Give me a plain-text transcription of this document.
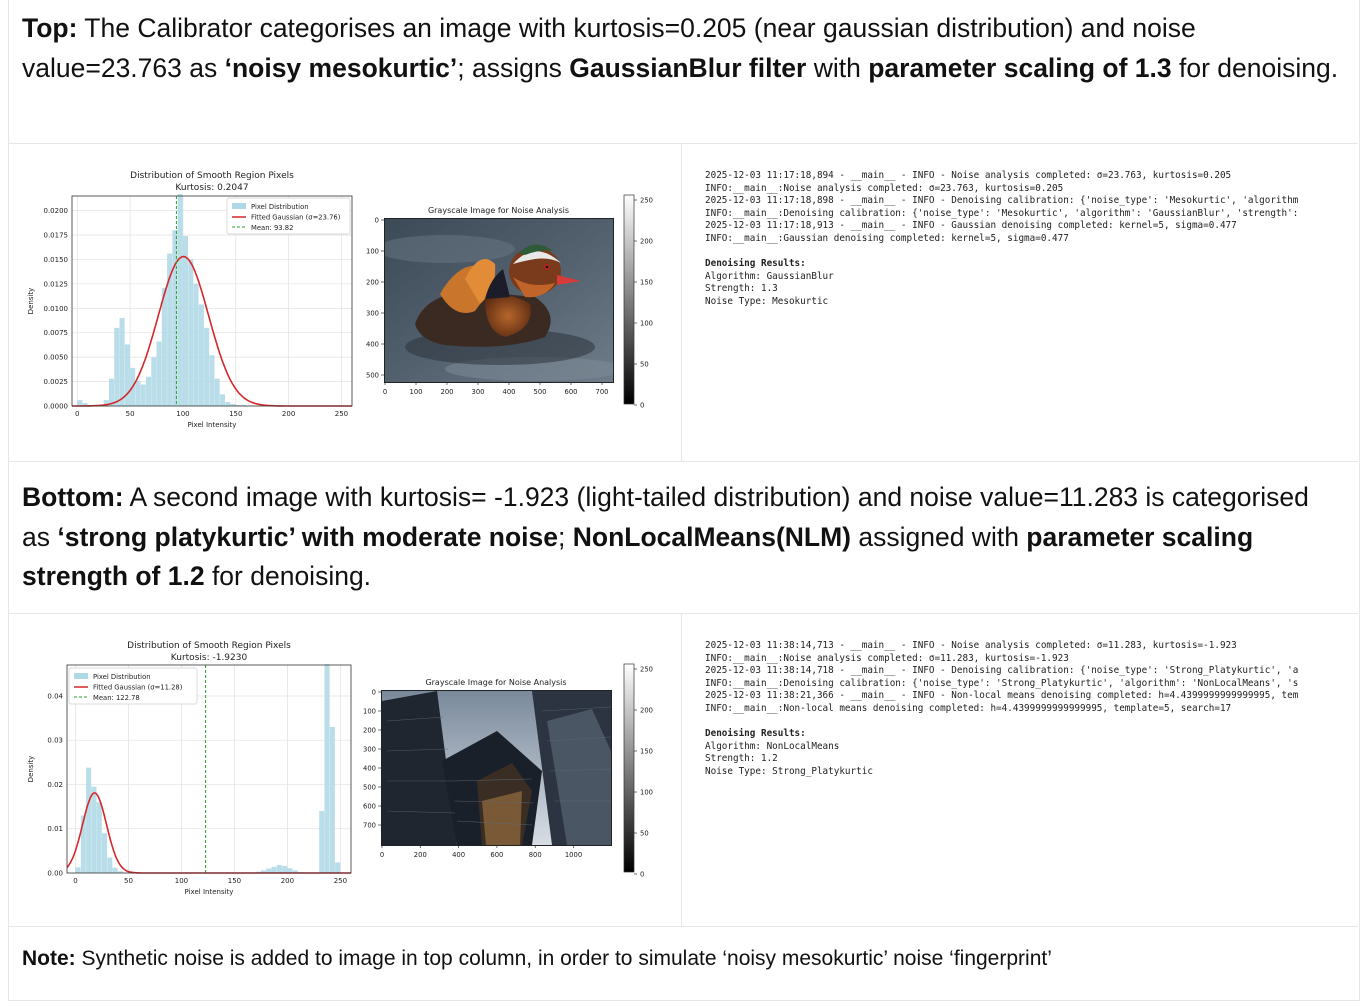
Top: The Calibrator categorises an image with kurtosis=0.205 (near gaussian distribution) and noise value=23.763 as ‘noisy mesokurtic’; assigns GaussianBlur filter with parameter scaling of 1.3 for denoising.
Distribution of Smooth Region Pixels
Kurtosis: 0.2047
0.0000
0.0025
0.0050
0.0075
0.0100
0.0125
0.0150
0.0175
0.0200
0	50	100	150	200	250
Pixel Intensity
Density
Pixel Distribution
Fitted Gaussian (σ=23.76)
Mean: 93.82
Grayscale Image for Noise Analysis
0
100
200
300
400
500
0	100	200	300	400	500	600	700
250
200
150
100
50
0
2025-12-03 11:17:18,894 - __main__ - INFO - Noise analysis completed: σ=23.763, kurtosis=0.205
INFO:__main__:Noise analysis completed: σ=23.763, kurtosis=0.205
2025-12-03 11:17:18,898 - __main__ - INFO - Denoising calibration: {'noise_type': 'Mesokurtic', 'algorithm
INFO:__main__:Denoising calibration: {'noise_type': 'Mesokurtic', 'algorithm': 'GaussianBlur', 'strength':
2025-12-03 11:17:18,913 - __main__ - INFO - Gaussian denoising completed: kernel=5, sigma=0.477
INFO:__main__:Gaussian denoising completed: kernel=5, sigma=0.477
Denoising Results:
Algorithm: GaussianBlur
Strength: 1.3
Noise Type: Mesokurtic
Bottom: A second image with kurtosis= -1.923 (light-tailed distribution) and noise value=11.283 is categorised as ‘strong platykurtic’ with moderate noise; NonLocalMeans(NLM) assigned with parameter scaling strength of 1.2 for denoising.
Distribution of Smooth Region Pixels
Kurtosis: -1.9230
0.00
0.01
0.02
0.03
0.04
0	50	100	150	200	250
Pixel Intensity
Density
Pixel Distribution
Fitted Gaussian (σ=11.28)
Mean: 122.78
Grayscale Image for Noise Analysis
0
100
200
300
400
500
600
700
0	200	400	600	800	1000
250
200
150
100
50
0
2025-12-03 11:38:14,713 - __main__ - INFO - Noise analysis completed: σ=11.283, kurtosis=-1.923
INFO:__main__:Noise analysis completed: σ=11.283, kurtosis=-1.923
2025-12-03 11:38:14,718 - __main__ - INFO - Denoising calibration: {'noise_type': 'Strong_Platykurtic', 'a
INFO:__main__:Denoising calibration: {'noise_type': 'Strong_Platykurtic', 'algorithm': 'NonLocalMeans', 's
2025-12-03 11:38:21,366 - __main__ - INFO - Non-local means denoising completed: h=4.4399999999999995, tem
INFO:__main__:Non-local means denoising completed: h=4.4399999999999995, template=5, search=17
Denoising Results:
Algorithm: NonLocalMeans
Strength: 1.2
Noise Type: Strong_Platykurtic
Note: Synthetic noise is added to image in top column, in order to simulate ‘noisy mesokurtic’ noise ‘fingerprint’
